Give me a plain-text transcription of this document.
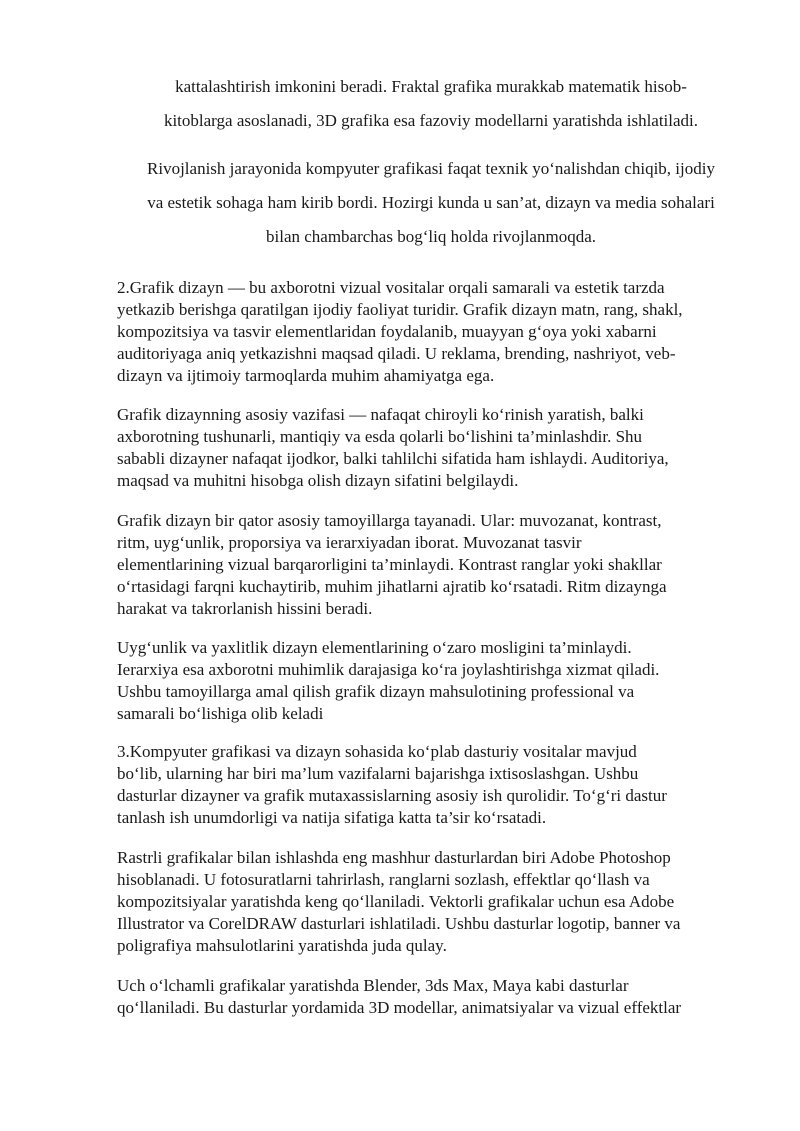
kattalashtirish imkonini beradi. Fraktal grafika murakkab matematik hisob-
kitoblarga asoslanadi, 3D grafika esa fazoviy modellarni yaratishda ishlatiladi.
Rivojlanish jarayonida kompyuter grafikasi faqat texnik yo‘nalishdan chiqib, ijodiy
va estetik sohaga ham kirib bordi. Hozirgi kunda u san’at, dizayn va media sohalari
bilan chambarchas bog‘liq holda rivojlanmoqda.
2.Grafik dizayn — bu axborotni vizual vositalar orqali samarali va estetik tarzda
yetkazib berishga qaratilgan ijodiy faoliyat turidir. Grafik dizayn matn, rang, shakl,
kompozitsiya va tasvir elementlaridan foydalanib, muayyan g‘oya yoki xabarni
auditoriyaga aniq yetkazishni maqsad qiladi. U reklama, brending, nashriyot, veb-
dizayn va ijtimoiy tarmoqlarda muhim ahamiyatga ega.
Grafik dizaynning asosiy vazifasi — nafaqat chiroyli ko‘rinish yaratish, balki
axborotning tushunarli, mantiqiy va esda qolarli bo‘lishini ta’minlashdir. Shu
sababli dizayner nafaqat ijodkor, balki tahlilchi sifatida ham ishlaydi. Auditoriya,
maqsad va muhitni hisobga olish dizayn sifatini belgilaydi.
Grafik dizayn bir qator asosiy tamoyillarga tayanadi. Ular: muvozanat, kontrast,
ritm, uyg‘unlik, proporsiya va ierarxiyadan iborat. Muvozanat tasvir
elementlarining vizual barqarorligini ta’minlaydi. Kontrast ranglar yoki shakllar
o‘rtasidagi farqni kuchaytirib, muhim jihatlarni ajratib ko‘rsatadi. Ritm dizaynga
harakat va takrorlanish hissini beradi.
Uyg‘unlik va yaxlitlik dizayn elementlarining o‘zaro mosligini ta’minlaydi.
Ierarxiya esa axborotni muhimlik darajasiga ko‘ra joylashtirishga xizmat qiladi.
Ushbu tamoyillarga amal qilish grafik dizayn mahsulotining professional va
samarali bo‘lishiga olib keladi
3.Kompyuter grafikasi va dizayn sohasida ko‘plab dasturiy vositalar mavjud
bo‘lib, ularning har biri ma’lum vazifalarni bajarishga ixtisoslashgan. Ushbu
dasturlar dizayner va grafik mutaxassislarning asosiy ish qurolidir. To‘g‘ri dastur
tanlash ish unumdorligi va natija sifatiga katta ta’sir ko‘rsatadi.
Rastrli grafikalar bilan ishlashda eng mashhur dasturlardan biri Adobe Photoshop
hisoblanadi. U fotosuratlarni tahrirlash, ranglarni sozlash, effektlar qo‘llash va
kompozitsiyalar yaratishda keng qo‘llaniladi. Vektorli grafikalar uchun esa Adobe
Illustrator va CorelDRAW dasturlari ishlatiladi. Ushbu dasturlar logotip, banner va
poligrafiya mahsulotlarini yaratishda juda qulay.
Uch o‘lchamli grafikalar yaratishda Blender, 3ds Max, Maya kabi dasturlar
qo‘llaniladi. Bu dasturlar yordamida 3D modellar, animatsiyalar va vizual effektlar
